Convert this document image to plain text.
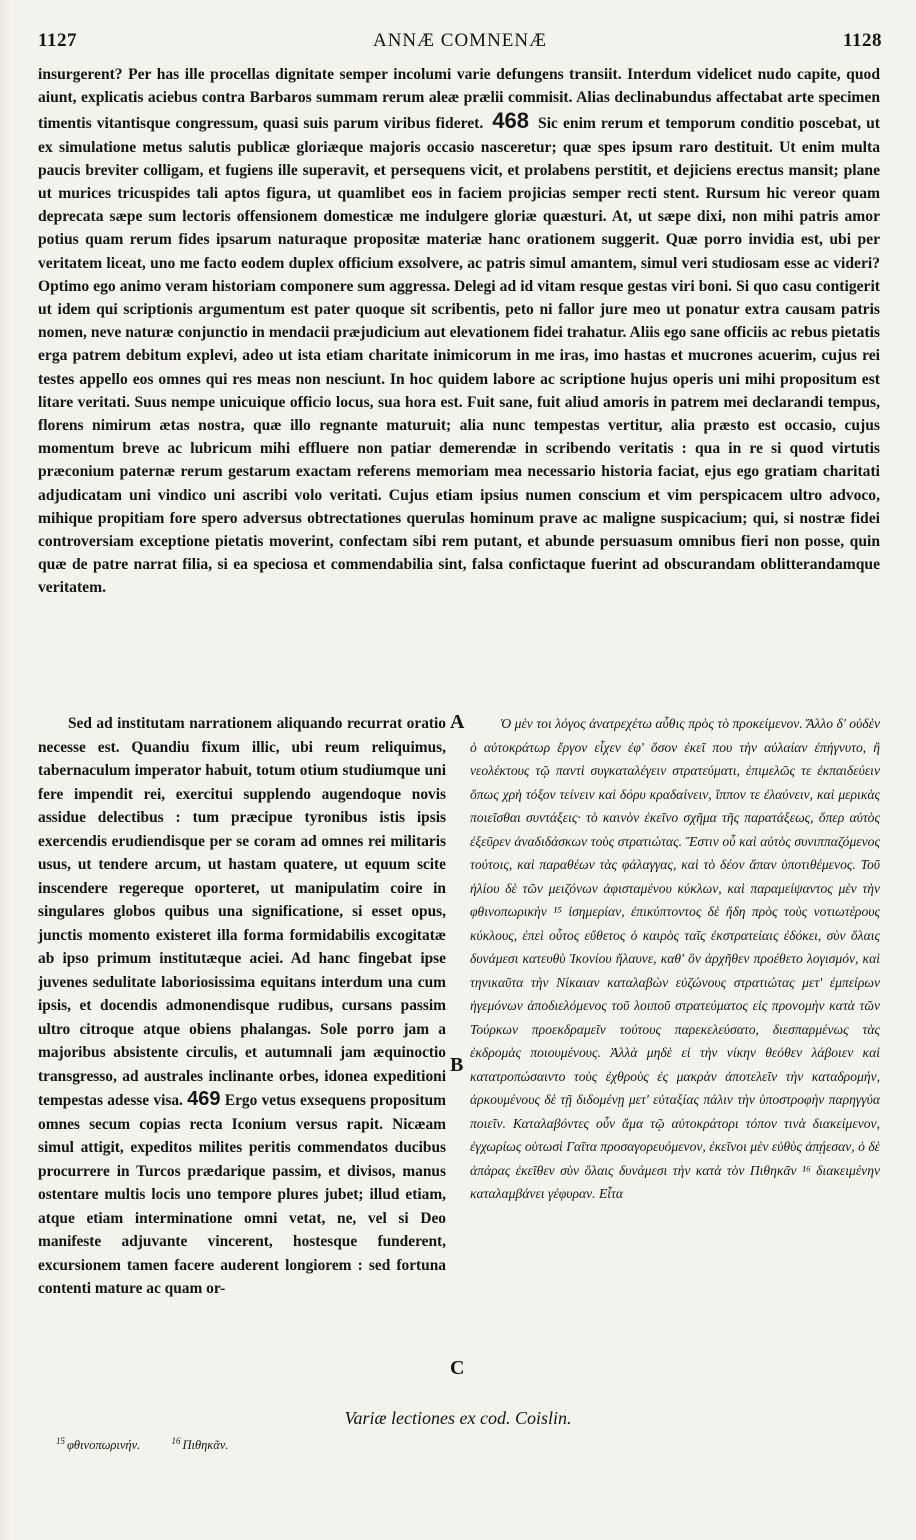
1127	ANNÆ COMNENÆ	1128
insurgerent? Per has ille procellas dignitate semper incolumi varie defungens transiit. Interdum videlicet nudo capite, quod aiunt, explicatis aciebus contra Barbaros summam rerum aleæ prælii commisit. Alias declinabundus affectabat arte specimen timentis vitantisque congressum, quasi suis parum viribus fideret. 468 Sic enim rerum et temporum conditio poscebat, ut ex simulatione metus salutis publicæ gloriæque majoris occasio nasceretur; quæ spes ipsum raro destituit. Ut enim multa paucis breviter colligam, et fugiens ille superavit, et persequens vicit, et prolabens perstitit, et dejiciens erectus mansit; plane ut murices tricuspides tali aptos figura, ut quamlibet eos in faciem projicias semper recti stent. Rursum hic vereor quam deprecata sæpe sum lectoris offensionem domesticæ me indulgere gloriæ quæsturi. At, ut sæpe dixi, non mihi patris amor potius quam rerum fides ipsarum naturaque propositæ materiæ hanc orationem suggerit. Quæ porro invidia est, ubi per veritatem liceat, uno me facto eodem duplex officium exsolvere, ac patris simul amantem, simul veri studiosam esse ac videri? Optimo ego animo veram historiam componere sum aggressa. Delegi ad id vitam resque gestas viri boni. Si quo casu contigerit ut idem qui scriptionis argumentum est pater quoque sit scribentis, peto ni fallor jure meo ut ponatur extra causam patris nomen, neve naturæ conjunctio in mendacii præjudicium aut elevationem fidei trahatur. Aliis ego sane officiis ac rebus pietatis erga patrem debitum explevi, adeo ut ista etiam charitate inimicorum in me iras, imo hastas et mucrones acuerim, cujus rei testes appello eos omnes qui res meas non nesciunt. In hoc quidem labore ac scriptione hujus operis uni mihi propositum est litare veritati. Suus nempe unicuique officio locus, sua hora est. Fuit sane, fuit aliud amoris in patrem mei declarandi tempus, florens nimirum ætas nostra, quæ illo regnante maturuit; alia nunc tempestas vertitur, alia præsto est occasio, cujus momentum breve ac lubricum mihi effluere non patiar demerendæ in scribendo veritatis : qua in re si quod virtutis præconium paternæ rerum gestarum exactam referens memoriam mea necessario historia faciat, ejus ego gratiam charitati adjudicatam uni vindico uni ascribi volo veritati. Cujus etiam ipsius numen conscium et vim perspicacem ultro advoco, mihique propitiam fore spero adversus obtrectationes querulas hominum prave ac maligne suspicacium; qui, si nostræ fidei controversiam exceptione pietatis moverint, confectam sibi rem putant, et abunde persuasum omnibus fieri non posse, quin quæ de patre narrat filia, si ea speciosa et commendabilia sint, falsa confictaque fuerint ad obscurandam oblitterandamque veritatem.
Sed ad institutam narrationem aliquando recurrat oratio necesse est. Quandiu fixum illic, ubi reum reliquimus, tabernaculum imperator habuit, totum otium studiumque uni fere impendit rei, exercitui supplendo augendoque novis assidue delectibus : tum præcipue tyronibus istis ipsis exercendis erudiendisque per se coram ad omnes rei militaris usus, ut tendere arcum, ut hastam quatere, ut equum scite inscendere regereque oporteret, ut manipulatim coire in singulares globos quibus una significatione, si esset opus, junctis momento existeret illa forma formidabilis excogitatæ ab ipso primum institutæque aciei. Ad hanc fingebat ipse juvenes sedulitate laboriosissima equitans interdum una cum ipsis, et docendis admonendisque rudibus, cursans passim ultro citroque atque obiens phalangas. Sole porro jam a majoribus absistente circulis, et autumnali jam æquinoctio transgresso, ad australes inclinante orbes, idonea expeditioni tempestas adesse visa. 469 Ergo vetus exsequens propositum omnes secum copias recta Iconium versus rapit. Nicæam simul attigit, expeditos milites peritis commendatos ducibus procurrere in Turcos prædarique passim, et divisos, manus ostentare multis locis uno tempore plures jubet; illud etiam, atque etiam interminatione omni vetat, ne, vel si Deo manifeste adjuvante vincerent, hostesque funderent, excursionem tamen facere auderent longiorem : sed fortuna contenti mature ac quam or-
A
B
C
Ὁ μὲν τοι λόγος ἀνατρεχέτω αὖθις πρὸς τὸ προκείμενον. Ἄλλο δ' οὐδὲν ὁ αὐτοκράτωρ ἔργον εἶχεν ἐφ' ὅσον ἐκεῖ που τὴν αὐλαίαν ἐπήγνυτο, ἢ νεολέκτους τῷ παντὶ συγκαταλέγειν στρατεύματι, ἐπιμελῶς τε ἐκπαιδεύειν ὅπως χρὴ τόξον τείνειν καὶ δόρυ κραδαίνειν, ἵππον τε ἐλαύνειν, καὶ μερικὰς ποιεῖσθαι συντάξεις· τὸ καινὸν ἐκεῖνο σχῆμα τῆς παρατάξεως, ὅπερ αὐτὸς ἐξεῦρεν ἀναδιδάσκων τοὺς στρατιώτας. Ἔστιν οὗ καὶ αὐτὸς συνιππαζόμενος τούτοις, καὶ παραθέων τὰς φάλαγγας, καὶ τὸ δέον ἅπαν ὑποτιθέμενος. Τοῦ ἡλίου δὲ τῶν μειζόνων ἀφισταμένου κύκλων, καὶ παραμείψαντος μὲν τὴν φθινοπωρικὴν ¹⁵ ἰσημερίαν, ἐπικύπτοντος δὲ ἤδη πρὸς τοὺς νοτιωτέρους κύκλους, ἐπεὶ οὗτος εὔθετος ὁ καιρὸς ταῖς ἐκστρατείαις ἐδόκει, σὺν ὅλαις δυνάμεσι κατευθὺ Ἰκονίου ἤλαυνε, καθ' ὃν ἀρχῆθεν προέθετο λογισμόν, καὶ τηνικαῦτα τὴν Νίκαιαν καταλαβὼν εὐζώνους στρατιώτας μετ' ἐμπείρων ἡγεμόνων ἀποδιελόμενος τοῦ λοιποῦ στρατεύματος εἰς προνομὴν κατὰ τῶν Τούρκων προεκδραμεῖν τούτους παρεκελεύσατο, διεσπαρμένως τὰς ἐκδρομὰς ποιουμένους. Ἀλλὰ μηδὲ εἰ τὴν νίκην θεόθεν λάβοιεν καὶ κατατροπώσαιντο τοὺς ἐχθροὺς ἐς μακρὰν ἀποτελεῖν τὴν καταδρομήν, ἀρκουμένους δὲ τῇ διδομένῃ μετ' εὐταξίας πάλιν τὴν ὑποστροφὴν παρηγγύα ποιεῖν. Καταλαβόντες οὖν ἅμα τῷ αὐτοκράτορι τόπον τινὰ διακείμενον, ἐγχωρίως οὑτωσὶ Γαῖτα προσαγορευόμενον, ἐκεῖνοι μὲν εὐθὺς ἀπῄεσαν, ὁ δὲ ἀπάρας ἐκεῖθεν σὺν ὅλαις δυνάμεσι τὴν κατὰ τὸν Πιθηκᾶν ¹⁶ διακειμένην καταλαμβάνει γέφυραν. Εἶτα
Variæ lectiones ex cod. Coislin.
$^{15}$ φθινοπωρινήν.	$^{16}$ Πιθηκᾶν.
